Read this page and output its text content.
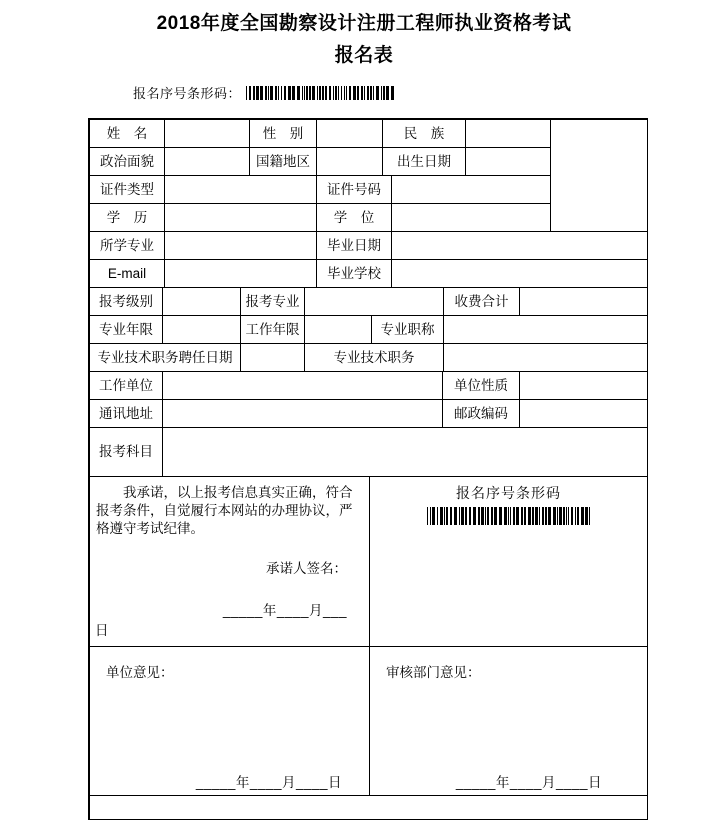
2018年度全国勘察设计注册工程师执业资格考试
报名表
报名序号条形码：
姓　名		性　别		民　族			
政治面貌		国籍地区		出生日期			
证件类型			证件号码				
学　历			学　位				
所学专业			毕业日期				
E-mail			毕业学校				
报考级别		报考专业			收费合计	
专业年限		工作年限		专业职称		
专业技术职务聘任日期			专业技术职务			
工作单位		单位性质	
通讯地址		邮政编码	
报考科目			
我承诺，以上报考信息真实正确，符合报考条件，自觉履行本网站的办理协议，严格遵守考试纪律。
承诺人签名：
_____年____月___
日

报名序号条形码
单位意见：
_____年____月____日

审核部门意见：
_____年____月____日
